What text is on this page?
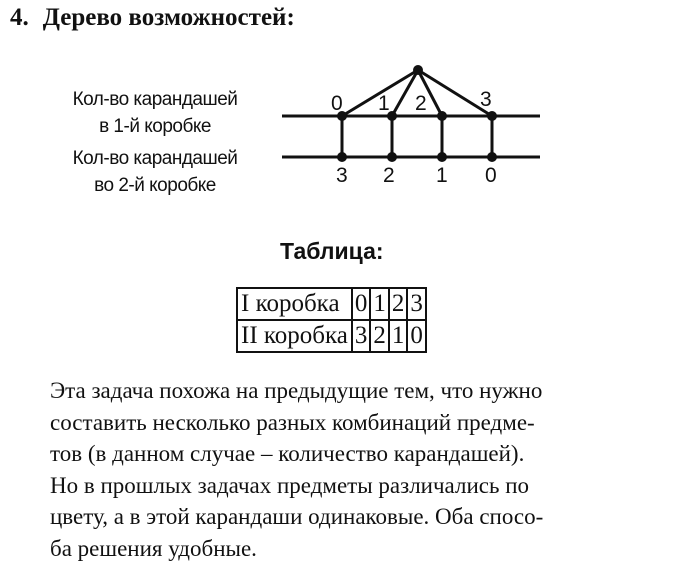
4. Дерево возможностей:
Кол-во карандашей
в 1-й коробке
Кол-во карандашей
во 2-й коробке
0 1 2	3
3 2 1 0
Таблица:
I коробка	0	1	2	3
II коробка	3	2	1	0
Эта задача похожа на предыдущие тем, что нужно
составить несколько разных комбинаций предме-
тов (в данном случае – количество карандашей).
Но в прошлых задачах предметы различались по
цвету, а в этой карандаши одинаковые. Оба спосо-
ба решения удобные.
